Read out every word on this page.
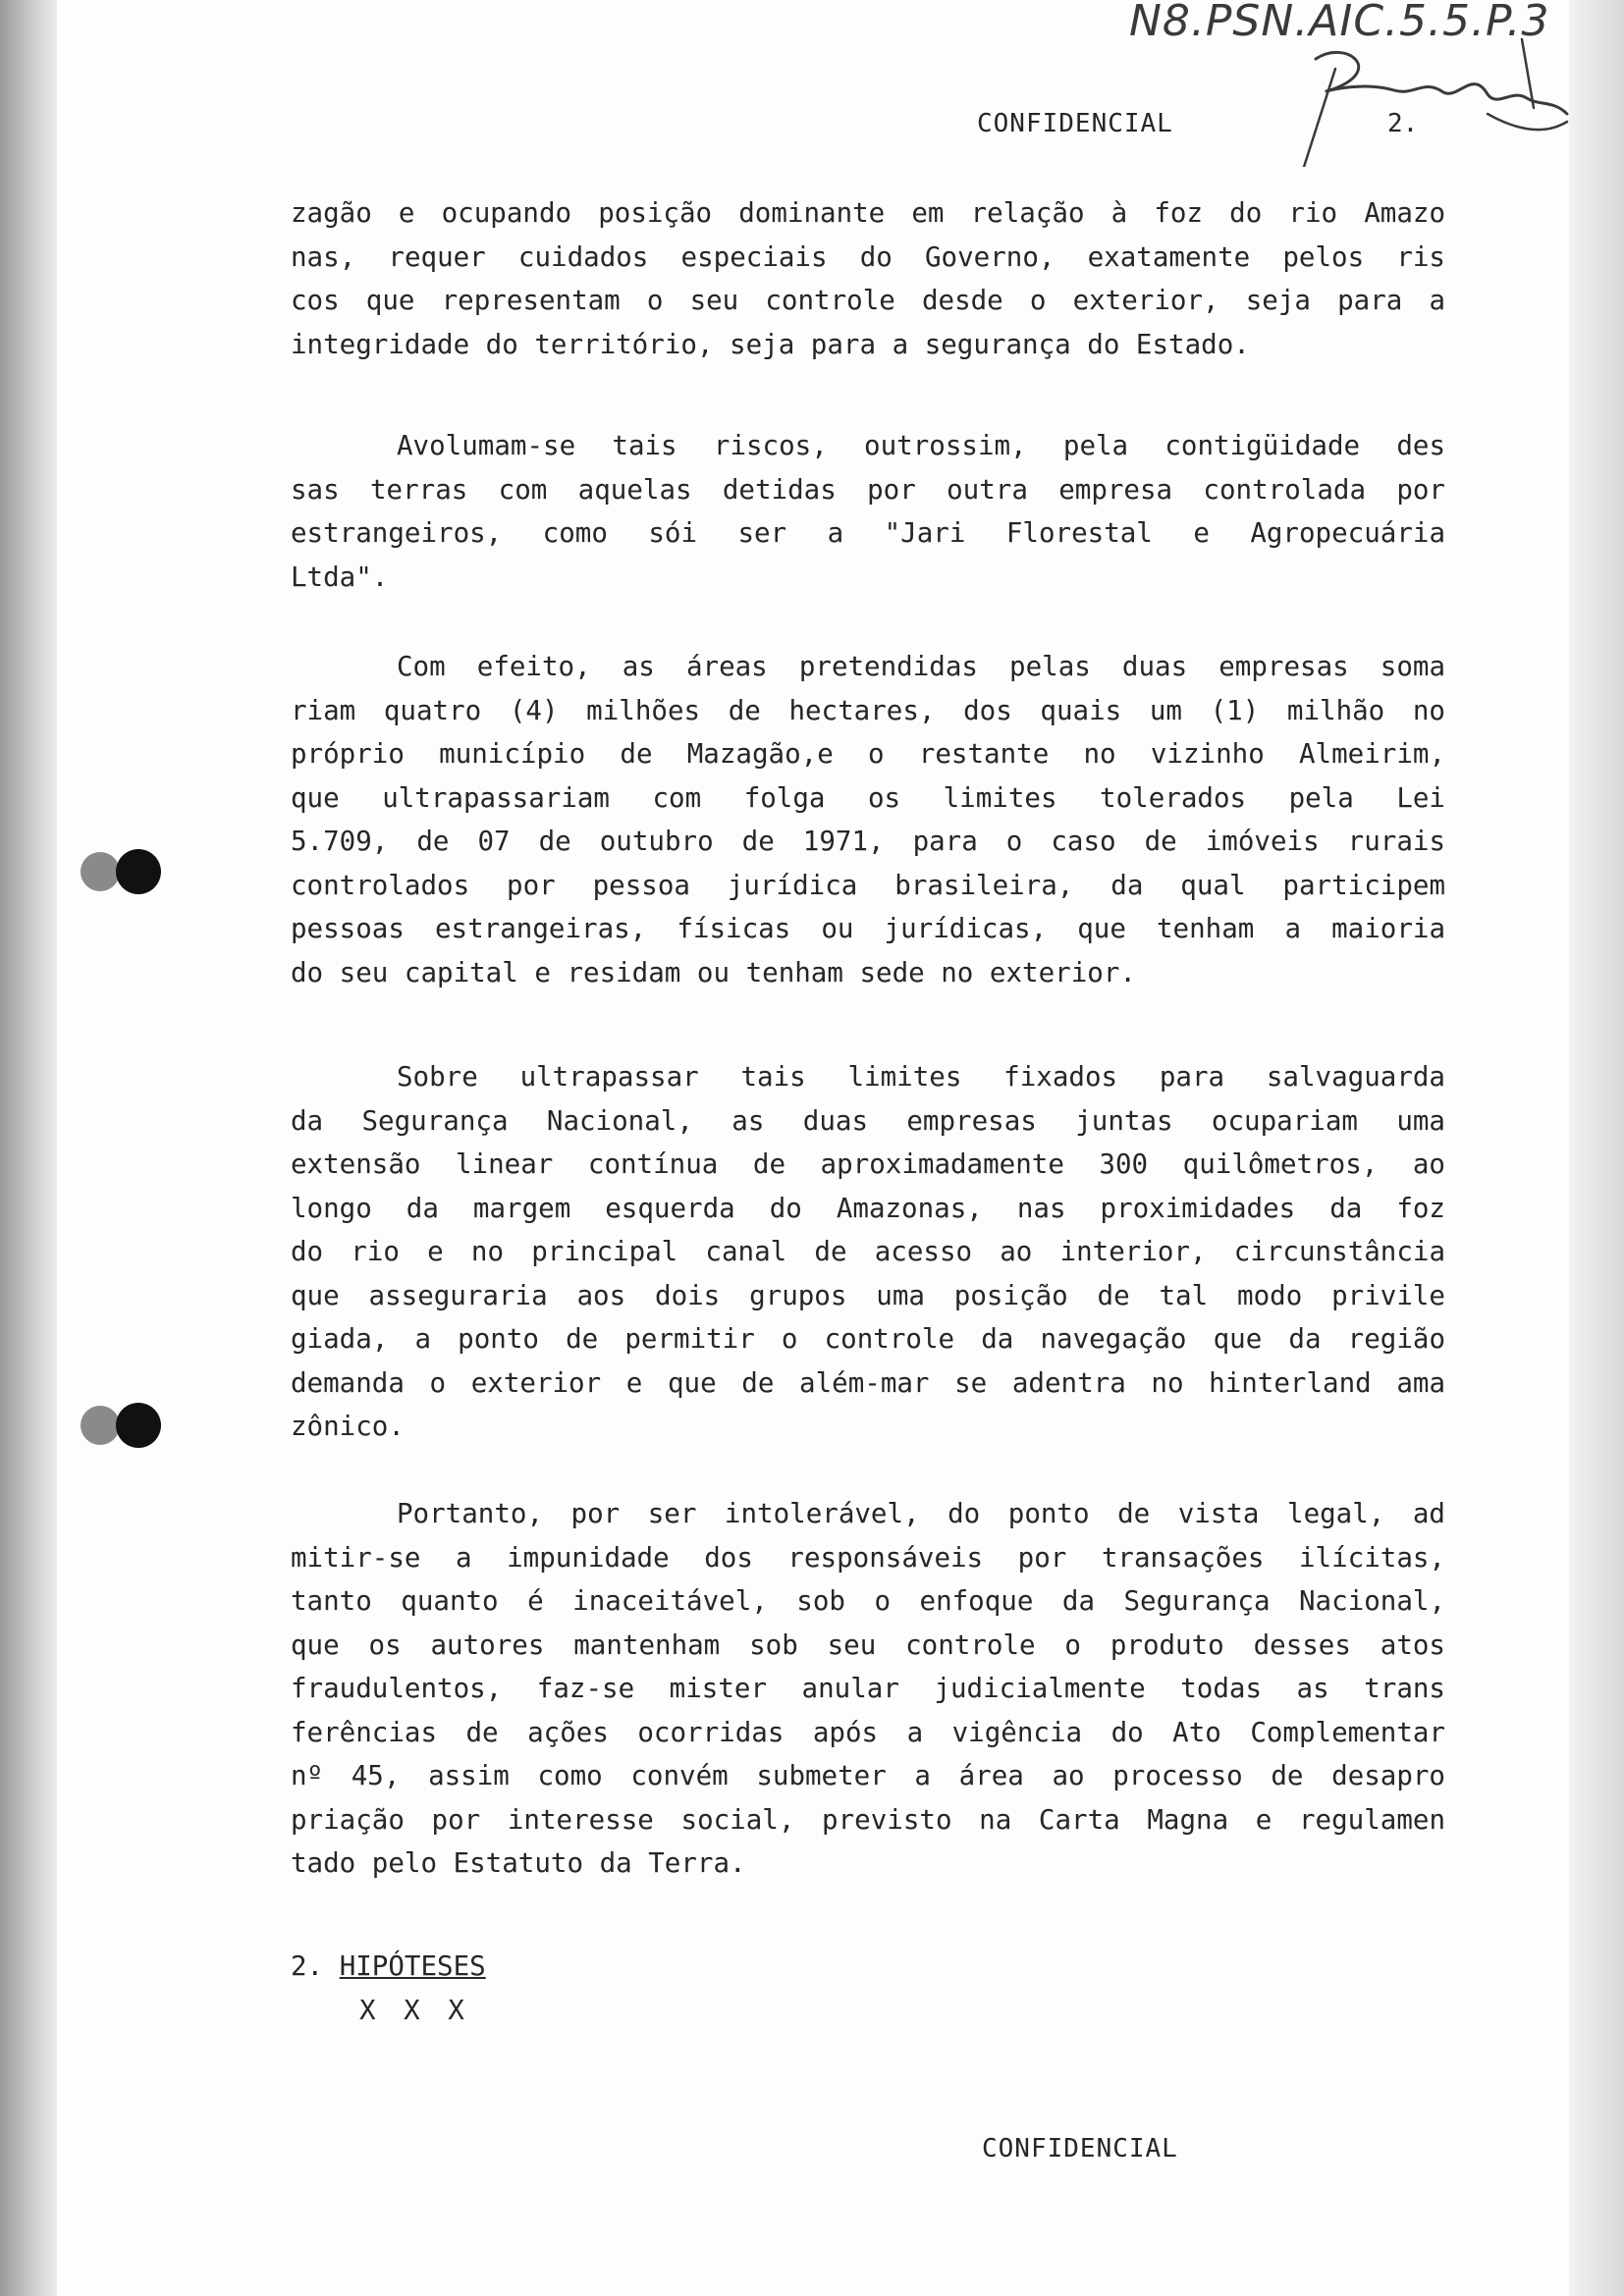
N8.PSN.AIC.5.5.P.3
CONFIDENCIAL	2.
zagão e ocupando posição dominante em relação à foz do rio Amazo
nas, requer cuidados especiais do Governo, exatamente pelos ris
cos que representam o seu controle desde o exterior, seja para a
integridade do território, seja para a segurança do Estado.
Avolumam-se tais riscos, outrossim, pela contigüidade des
sas terras com aquelas detidas por outra empresa controlada por
estrangeiros, como sói ser a "Jari Florestal e Agropecuária
Ltda".
Com efeito, as áreas pretendidas pelas duas empresas soma
riam quatro (4) milhões de hectares, dos quais um (1) milhão no
próprio município de Mazagão,e o restante no vizinho Almeirim,
que ultrapassariam com folga os limites tolerados pela Lei
5.709, de 07 de outubro de 1971, para o caso de imóveis rurais
controlados por pessoa jurídica brasileira, da qual participem
pessoas estrangeiras, físicas ou jurídicas, que tenham a maioria
do seu capital e residam ou tenham sede no exterior.
Sobre ultrapassar tais limites fixados para salvaguarda
da Segurança Nacional, as duas empresas juntas ocupariam uma
extensão linear contínua de aproximadamente 300 quilômetros, ao
longo da margem esquerda do Amazonas, nas proximidades da foz
do rio e no principal canal de acesso ao interior, circunstância
que asseguraria aos dois grupos uma posição de tal modo privile
giada, a ponto de permitir o controle da navegação que da região
demanda o exterior e que de além-mar se adentra no hinterland ama
zônico.
Portanto, por ser intolerável, do ponto de vista legal, ad
mitir-se a impunidade dos responsáveis por transações ilícitas,
tanto quanto é inaceitável, sob o enfoque da Segurança Nacional,
que os autores mantenham sob seu controle o produto desses atos
fraudulentos, faz-se mister anular judicialmente todas as trans
ferências de ações ocorridas após a vigência do Ato Complementar
nº 45, assim como convém submeter a área ao processo de desapro
priação por interesse social, previsto na Carta Magna e regulamen
tado pelo Estatuto da Terra.
2. HIPÓTESES
X X X
CONFIDENCIAL
